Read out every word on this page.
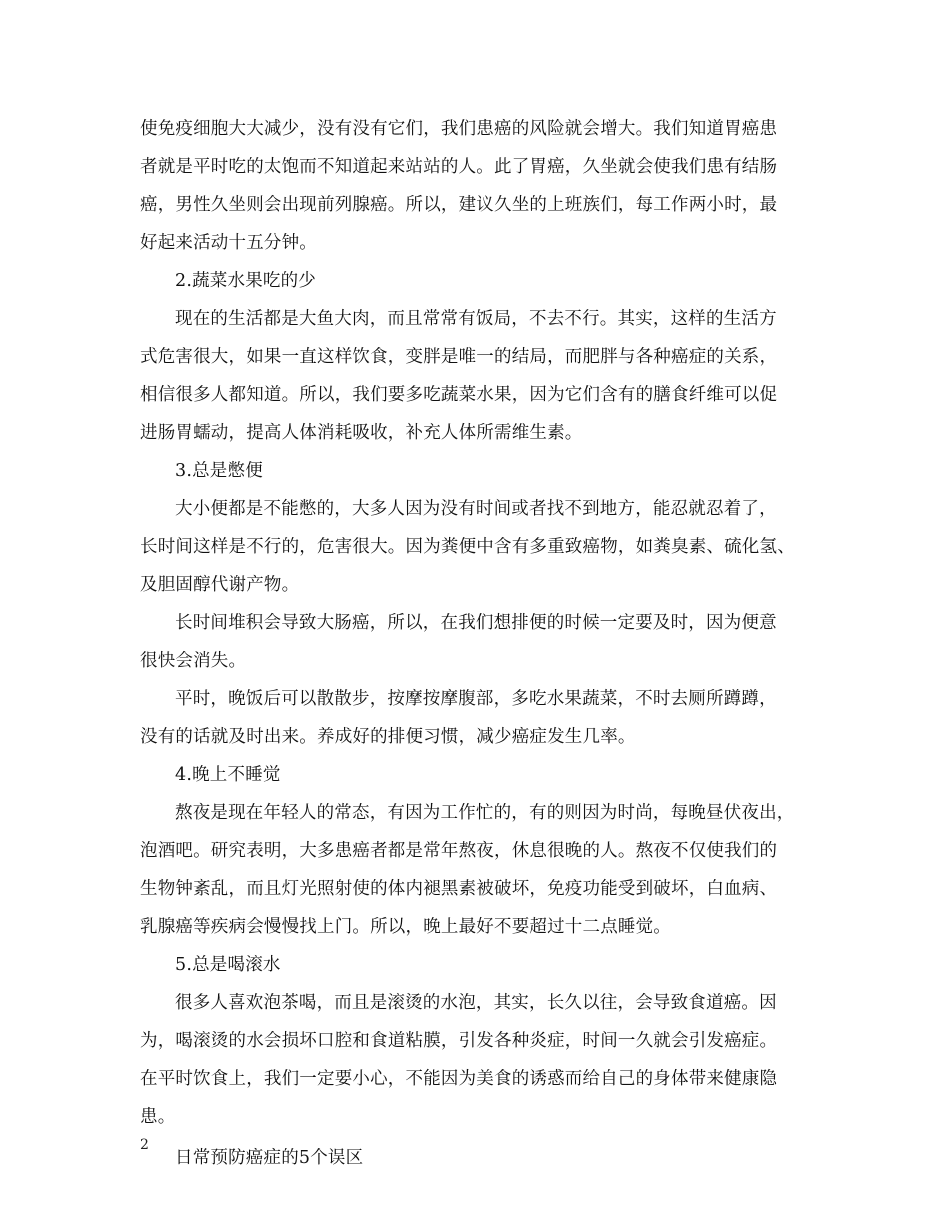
使免疫细胞大大减少，没有没有它们，我们患癌的风险就会增大。我们知道胃癌患
者就是平时吃的太饱而不知道起来站站的人。此了胃癌，久坐就会使我们患有结肠
癌，男性久坐则会出现前列腺癌。所以，建议久坐的上班族们，每工作两小时，最
好起来活动十五分钟。
2.蔬菜水果吃的少
现在的生活都是大鱼大肉，而且常常有饭局，不去不行。其实，这样的生活方
式危害很大，如果一直这样饮食，变胖是唯一的结局，而肥胖与各种癌症的关系，
相信很多人都知道。所以，我们要多吃蔬菜水果，因为它们含有的膳食纤维可以促
进肠胃蠕动，提高人体消耗吸收，补充人体所需维生素。
3.总是憋便
大小便都是不能憋的，大多人因为没有时间或者找不到地方，能忍就忍着了，
长时间这样是不行的，危害很大。因为粪便中含有多重致癌物，如粪臭素、硫化氢、
及胆固醇代谢产物。
长时间堆积会导致大肠癌，所以，在我们想排便的时候一定要及时，因为便意
很快会消失。
平时，晚饭后可以散散步，按摩按摩腹部，多吃水果蔬菜，不时去厕所蹲蹲，
没有的话就及时出来。养成好的排便习惯，减少癌症发生几率。
4.晚上不睡觉
熬夜是现在年轻人的常态，有因为工作忙的，有的则因为时尚，每晚昼伏夜出，
泡酒吧。研究表明，大多患癌者都是常年熬夜，休息很晚的人。熬夜不仅使我们的
生物钟紊乱，而且灯光照射使的体内褪黑素被破坏，免疫功能受到破坏，白血病、
乳腺癌等疾病会慢慢找上门。所以，晚上最好不要超过十二点睡觉。
5.总是喝滚水
很多人喜欢泡茶喝，而且是滚烫的水泡，其实，长久以往，会导致食道癌。因
为，喝滚烫的水会损坏口腔和食道粘膜，引发各种炎症，时间一久就会引发癌症。
在平时饮食上，我们一定要小心，不能因为美食的诱惑而给自己的身体带来健康隐
患。
日常预防癌症的5个误区
2
